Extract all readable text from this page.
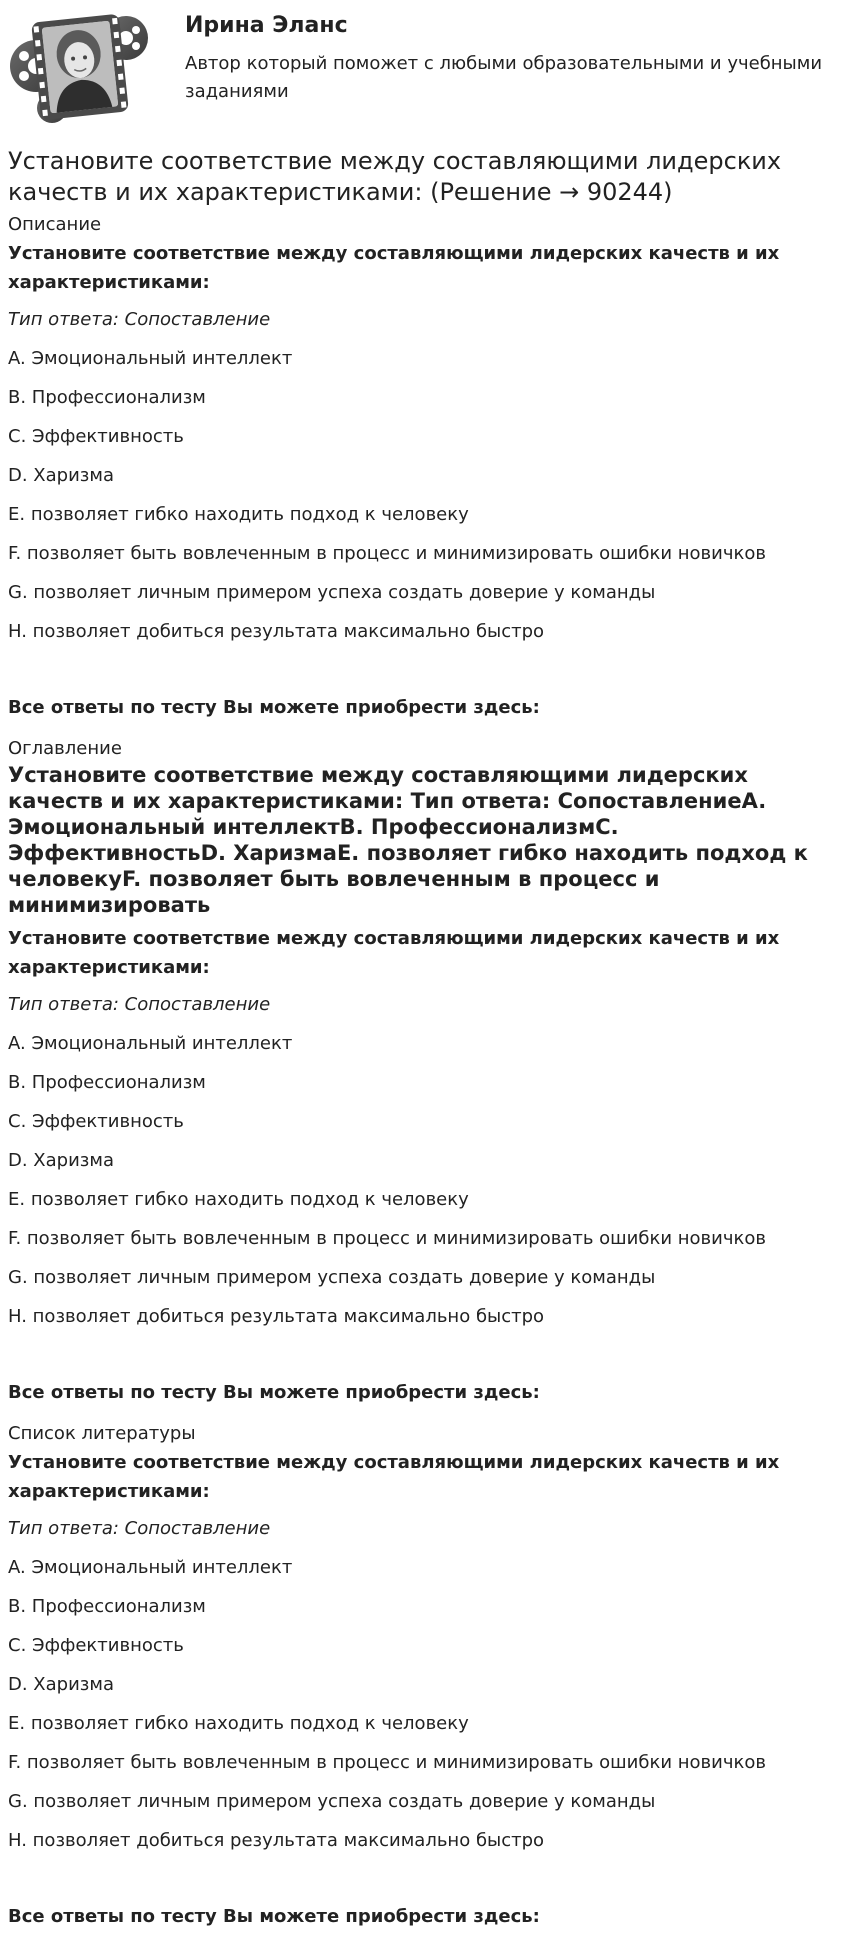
Ирина Эланс
Автор который поможет с любыми образовательными и учебными заданиями
Установите соответствие между составляющими лидерских качеств и их характеристиками: (Решение → 90244)

Описание

Установите соответствие между составляющими лидерских качеств и их характеристиками:

Тип ответа: Сопоставление

A. Эмоциональный интеллект

B. Профессионализм

C. Эффективность

D. Харизма

E. позволяет гибко находить подход к человеку

F. позволяет быть вовлеченным в процесс и минимизировать ошибки новичков

G. позволяет личным примером успеха создать доверие у команды

H. позволяет добиться результата максимально быстро

Все ответы по тесту Вы можете приобрести здесь:

Оглавление

Установите соответствие между составляющими лидерских качеств и их характеристиками: Тип ответа: СопоставлениеA. Эмоциональный интеллектB. ПрофессионализмC. ЭффективностьD. ХаризмаE. позволяет гибко находить подход к человекуF. позволяет быть вовлеченным в процесс и минимизировать

Установите соответствие между составляющими лидерских качеств и их характеристиками:

Тип ответа: Сопоставление

A. Эмоциональный интеллект

B. Профессионализм

C. Эффективность

D. Харизма

E. позволяет гибко находить подход к человеку

F. позволяет быть вовлеченным в процесс и минимизировать ошибки новичков

G. позволяет личным примером успеха создать доверие у команды

H. позволяет добиться результата максимально быстро

Все ответы по тесту Вы можете приобрести здесь:

Список литературы

Установите соответствие между составляющими лидерских качеств и их характеристиками:

Тип ответа: Сопоставление

A. Эмоциональный интеллект

B. Профессионализм

C. Эффективность

D. Харизма

E. позволяет гибко находить подход к человеку

F. позволяет быть вовлеченным в процесс и минимизировать ошибки новичков

G. позволяет личным примером успеха создать доверие у команды

H. позволяет добиться результата максимально быстро

Все ответы по тесту Вы можете приобрести здесь:
